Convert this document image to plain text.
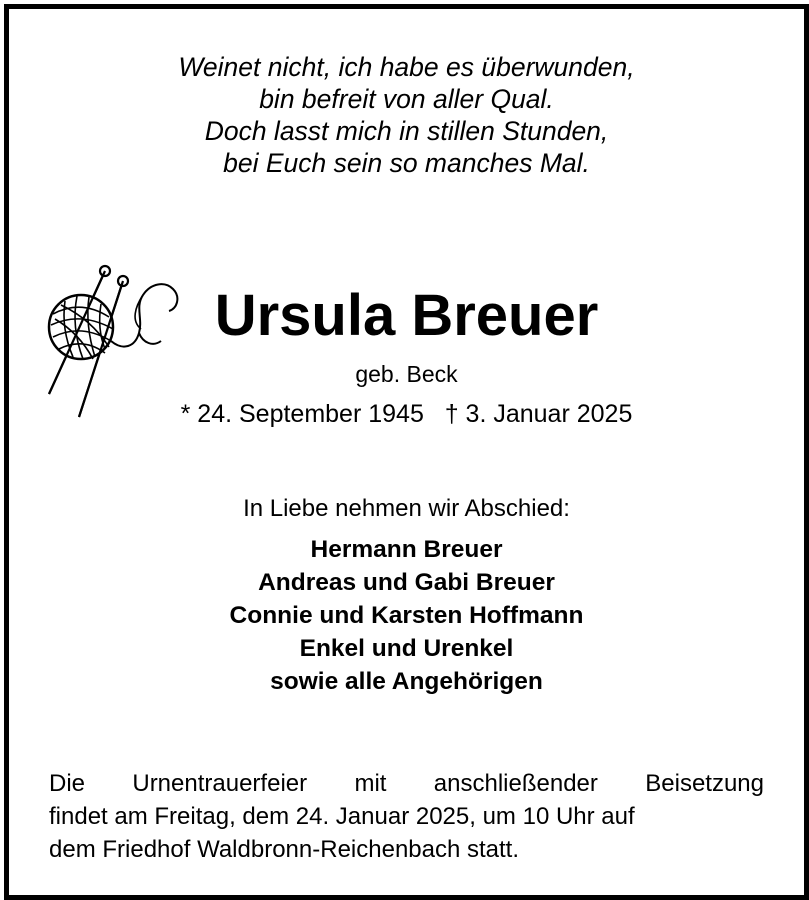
Weinet nicht, ich habe es überwunden,
bin befreit von aller Qual.
Doch lasst mich in stillen Stunden,
bei Euch sein so manches Mal.
Ursula Breuer
geb. Beck
* 24. September 1945 † 3. Januar 2025
In Liebe nehmen wir Abschied:
Hermann Breuer
Andreas und Gabi Breuer
Connie und Karsten Hoffmann
Enkel und Urenkel
sowie alle Angehörigen
Die Urnentrauerfeier mit anschließender Beisetzung
findet am Freitag, dem 24. Januar 2025, um 10 Uhr auf
dem Friedhof Waldbronn-Reichenbach statt.
